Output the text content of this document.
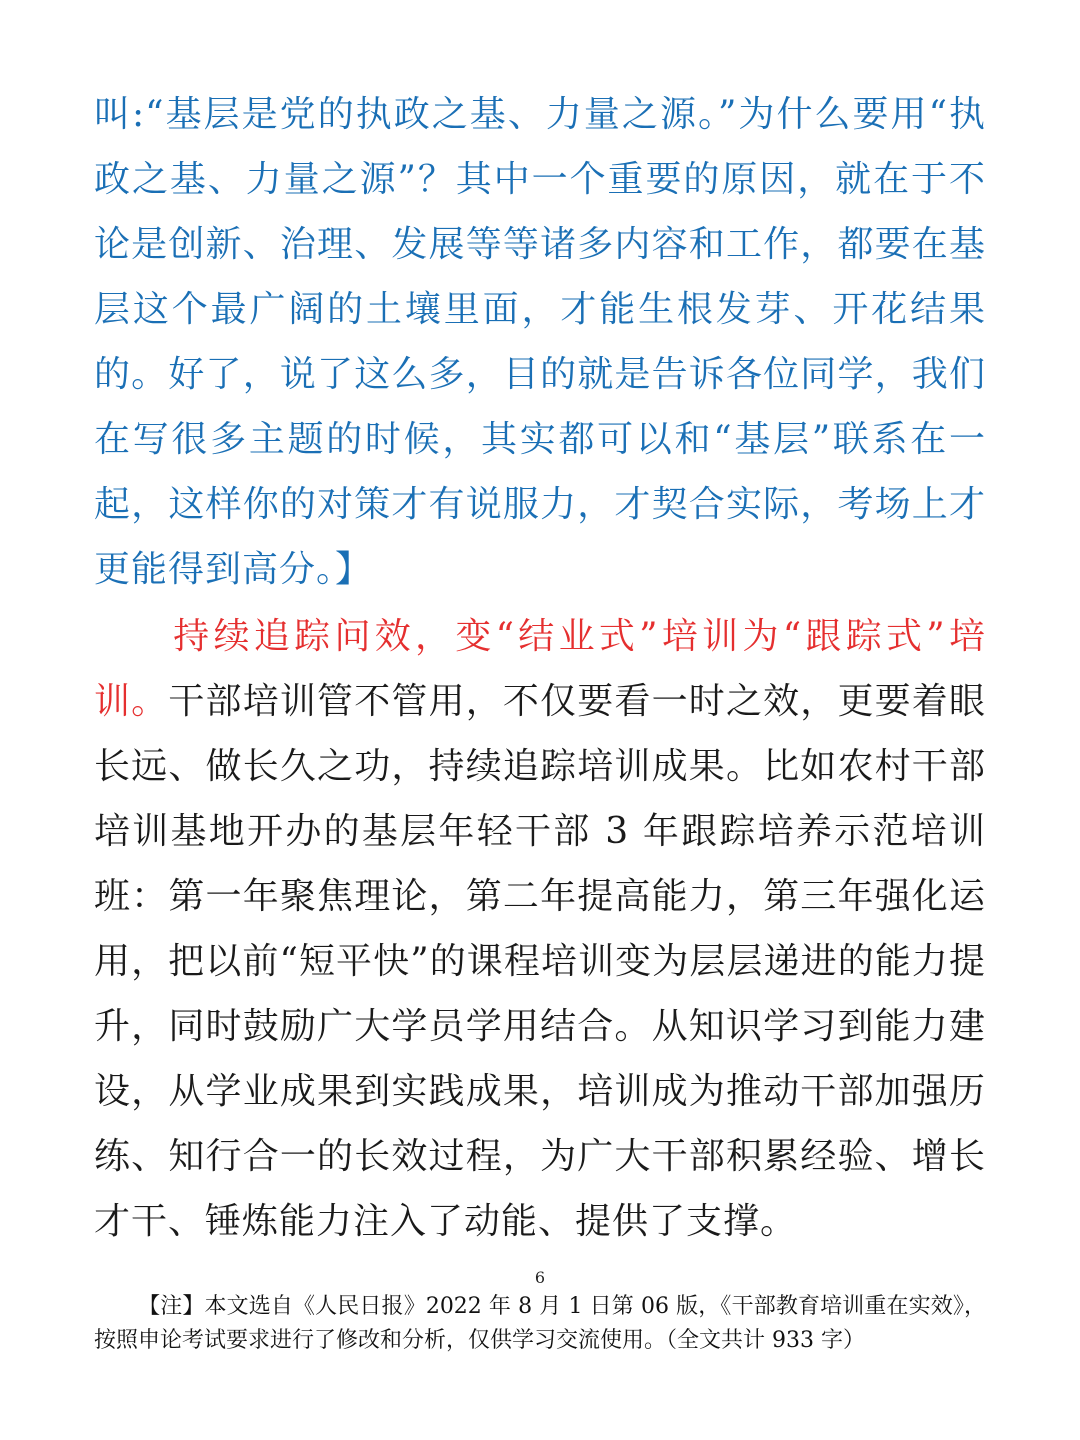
叫:“基层是党的执政之基、力量之源。”为什么要用“执政之基、力量之源”？其中一个重要的原因，就在于不论是创新、治理、发展等等诸多内容和工作，都要在基层这个最广阔的土壤里面，才能生根发芽、开花结果的。好了，说了这么多，目的就是告诉各位同学，我们在写很多主题的时候，其实都可以和“基层”联系在一起，这样你的对策才有说服力，才契合实际，考场上才更能得到高分。】
持续追踪问效，变“结业式”培训为“跟踪式”培训。干部培训管不管用，不仅要看一时之效，更要着眼长远、做长久之功，持续追踪培训成果。比如农村干部培训基地开办的基层年轻干部 3 年跟踪培养示范培训班：第一年聚焦理论，第二年提高能力，第三年强化运用，把以前“短平快”的课程培训变为层层递进的能力提升，同时鼓励广大学员学用结合。从知识学习到能力建设，从学业成果到实践成果，培训成为推动干部加强历练、知行合一的长效过程，为广大干部积累经验、增长才干、锤炼能力注入了动能、提供了支撑。
6
【注】本文选自《人民日报》2022 年 8 月 1 日第 06 版，《干部教育培训重在实效》，按照申论考试要求进行了修改和分析，仅供学习交流使用。（全文共计 933 字）
